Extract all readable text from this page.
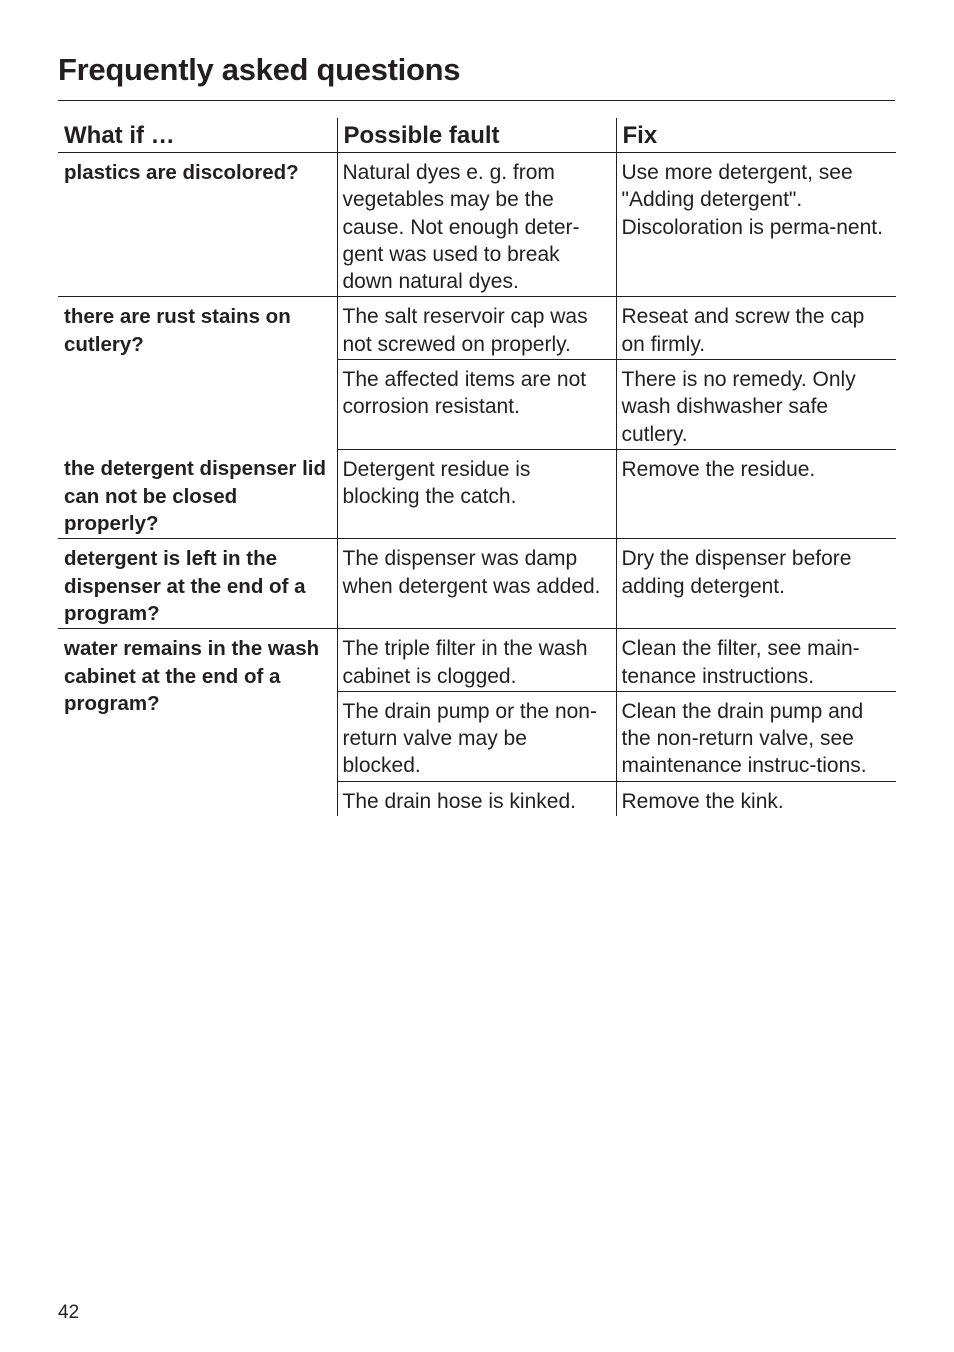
Frequently asked questions
What if …	Possible fault	Fix
plastics are discolored?	Natural dyes e. g. from vegetables may be the cause. Not enough deter-gent was used to break down natural dyes.	Use more detergent, see "Adding detergent". Discoloration is perma-nent.
there are rust stains on cutlery?	The salt reservoir cap was not screwed on properly.	Reseat and screw the cap on firmly.
	The affected items are not corrosion resistant.	There is no remedy. Only wash dishwasher safe cutlery.
the detergent dispenser lid can not be closed properly?	Detergent residue is blocking the catch.	Remove the residue.
detergent is left in the dispenser at the end of a program?	The dispenser was damp when detergent was added.	Dry the dispenser before adding detergent.
water remains in the wash cabinet at the end of a program?	The triple filter in the wash cabinet is clogged.	Clean the filter, see main-tenance instructions.
	The drain pump or the non-return valve may be blocked.	Clean the drain pump and the non-return valve, see maintenance instruc-tions.
	The drain hose is kinked.	Remove the kink.
42
